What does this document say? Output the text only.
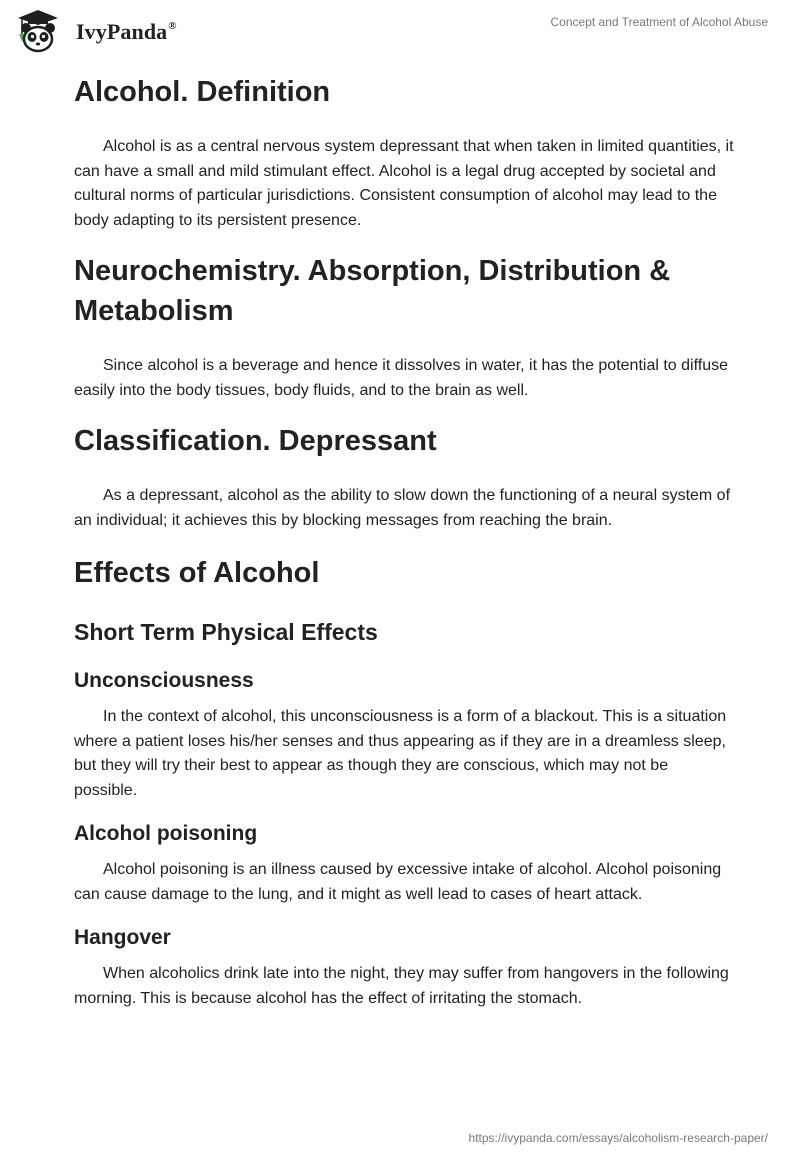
IvyPanda®	Concept and Treatment of Alcohol Abuse
Alcohol. Definition

Alcohol is as a central nervous system depressant that when taken in limited quantities, it can have a small and mild stimulant effect. Alcohol is a legal drug accepted by societal and cultural norms of particular jurisdictions. Consistent consumption of alcohol may lead to the body adapting to its persistent presence.

Neurochemistry. Absorption, Distribution & Metabolism

Since alcohol is a beverage and hence it dissolves in water, it has the potential to diffuse easily into the body tissues, body fluids, and to the brain as well.

Classification. Depressant

As a depressant, alcohol as the ability to slow down the functioning of a neural system of an individual; it achieves this by blocking messages from reaching the brain.

Effects of Alcohol
Short Term Physical Effects
Unconsciousness

In the context of alcohol, this unconsciousness is a form of a blackout. This is a situation where a patient loses his/her senses and thus appearing as if they are in a dreamless sleep, but they will try their best to appear as though they are conscious, which may not be possible.

Alcohol poisoning

Alcohol poisoning is an illness caused by excessive intake of alcohol. Alcohol poisoning can cause damage to the lung, and it might as well lead to cases of heart attack.

Hangover

When alcoholics drink late into the night, they may suffer from hangovers in the following morning. This is because alcohol has the effect of irritating the stomach.

https://ivypanda.com/essays/alcoholism-research-paper/
